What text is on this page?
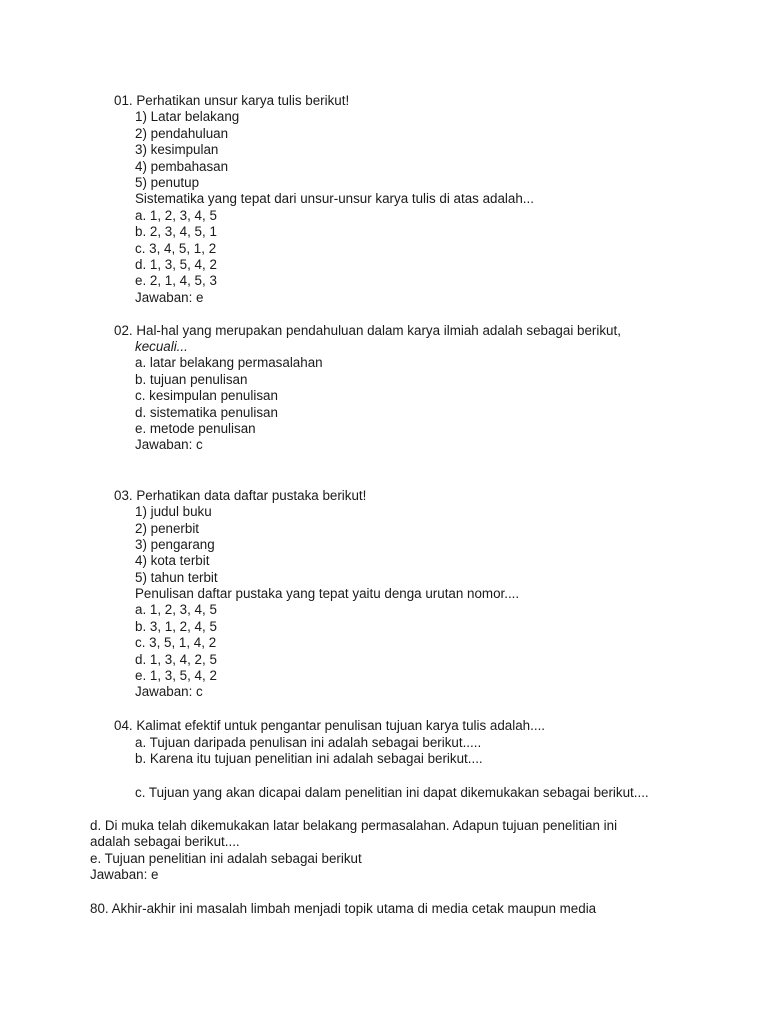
01. Perhatikan unsur karya tulis berikut!
1) Latar belakang
2) pendahuluan
3) kesimpulan
4) pembahasan
5) penutup
Sistematika yang tepat dari unsur-unsur karya tulis di atas adalah...
a. 1, 2, 3, 4, 5
b. 2, 3, 4, 5, 1
c. 3, 4, 5, 1, 2
d. 1, 3, 5, 4, 2
e. 2, 1, 4, 5, 3
Jawaban: e
02. Hal-hal yang merupakan pendahuluan dalam karya ilmiah adalah sebagai berikut,
kecuali...
a. latar belakang permasalahan
b. tujuan penulisan
c. kesimpulan penulisan
d. sistematika penulisan
e. metode penulisan
Jawaban: c
03. Perhatikan data daftar pustaka berikut!
1) judul buku
2) penerbit
3) pengarang
4) kota terbit
5) tahun terbit
Penulisan daftar pustaka yang tepat yaitu denga urutan nomor....
a. 1, 2, 3, 4, 5
b. 3, 1, 2, 4, 5
c. 3, 5, 1, 4, 2
d. 1, 3, 4, 2, 5
e. 1, 3, 5, 4, 2
Jawaban: c
04. Kalimat efektif untuk pengantar penulisan tujuan karya tulis adalah....
a. Tujuan daripada penulisan ini adalah sebagai berikut.....
b. Karena itu tujuan penelitian ini adalah sebagai berikut....
c. Tujuan yang akan dicapai dalam penelitian ini dapat dikemukakan sebagai berikut....
d. Di muka telah dikemukakan latar belakang permasalahan. Adapun tujuan penelitian ini
adalah sebagai berikut....
e. Tujuan penelitian ini adalah sebagai berikut
Jawaban: e
80. Akhir-akhir ini masalah limbah menjadi topik utama di media cetak maupun media
